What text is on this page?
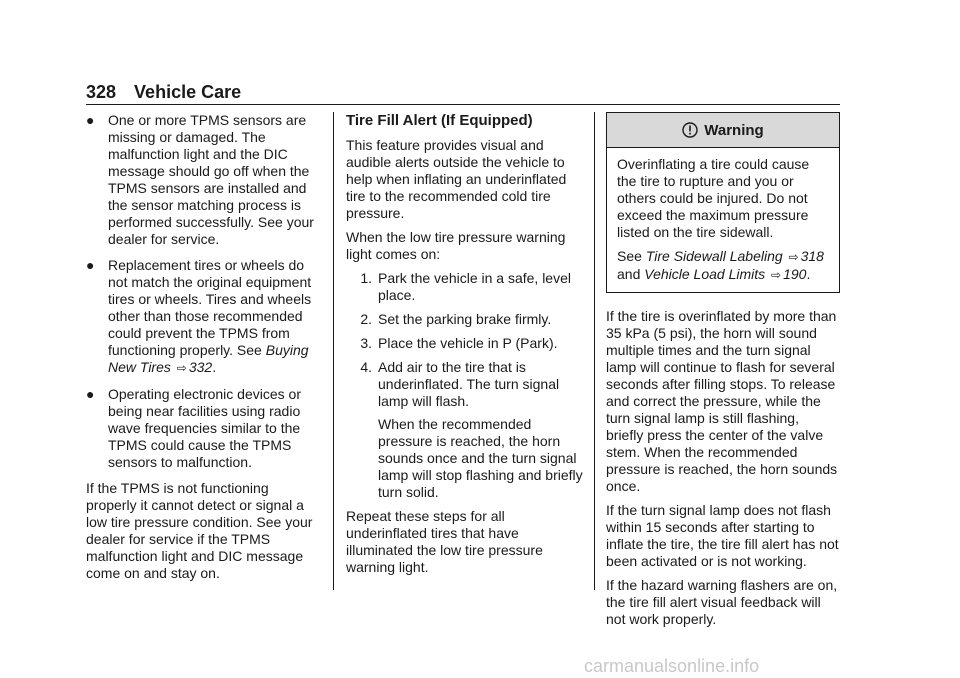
328 Vehicle Care
● One or more TPMS sensors are missing or damaged. The malfunction light and the DIC message should go off when the TPMS sensors are installed and the sensor matching process is performed successfully. See your dealer for service.
● Replacement tires or wheels do not match the original equipment tires or wheels. Tires and wheels other than those recommended could prevent the TPMS from functioning properly. See Buying New Tires ⇨ 332.
● Operating electronic devices or being near facilities using radio wave frequencies similar to the TPMS could cause the TPMS sensors to malfunction.

If the TPMS is not functioning properly it cannot detect or signal a low tire pressure condition. See your dealer for service if the TPMS malfunction light and DIC message come on and stay on.

Tire Fill Alert (If Equipped)

This feature provides visual and audible alerts outside the vehicle to help when inflating an underinflated tire to the recommended cold tire pressure.

When the low tire pressure warning light comes on:

1. Park the vehicle in a safe, level place.
2. Set the parking brake firmly.
3. Place the vehicle in P (Park).
4. Add air to the tire that is underinflated. The turn signal lamp will flash.

When the recommended pressure is reached, the horn sounds once and the turn signal lamp will stop flashing and briefly turn solid.

Repeat these steps for all underinflated tires that have illuminated the low tire pressure warning light.

Warning

Overinflating a tire could cause the tire to rupture and you or others could be injured. Do not exceed the maximum pressure listed on the tire sidewall.

See Tire Sidewall Labeling ⇨ 318
and Vehicle Load Limits ⇨ 190.

If the tire is overinflated by more than 35 kPa (5 psi), the horn will sound multiple times and the turn signal lamp will continue to flash for several seconds after filling stops. To release and correct the pressure, while the turn signal lamp is still flashing, briefly press the center of the valve stem. When the recommended pressure is reached, the horn sounds once.

If the turn signal lamp does not flash within 15 seconds after starting to inflate the tire, the tire fill alert has not been activated or is not working.

If the hazard warning flashers are on, the tire fill alert visual feedback will not work properly.

carmanualsonline.info
